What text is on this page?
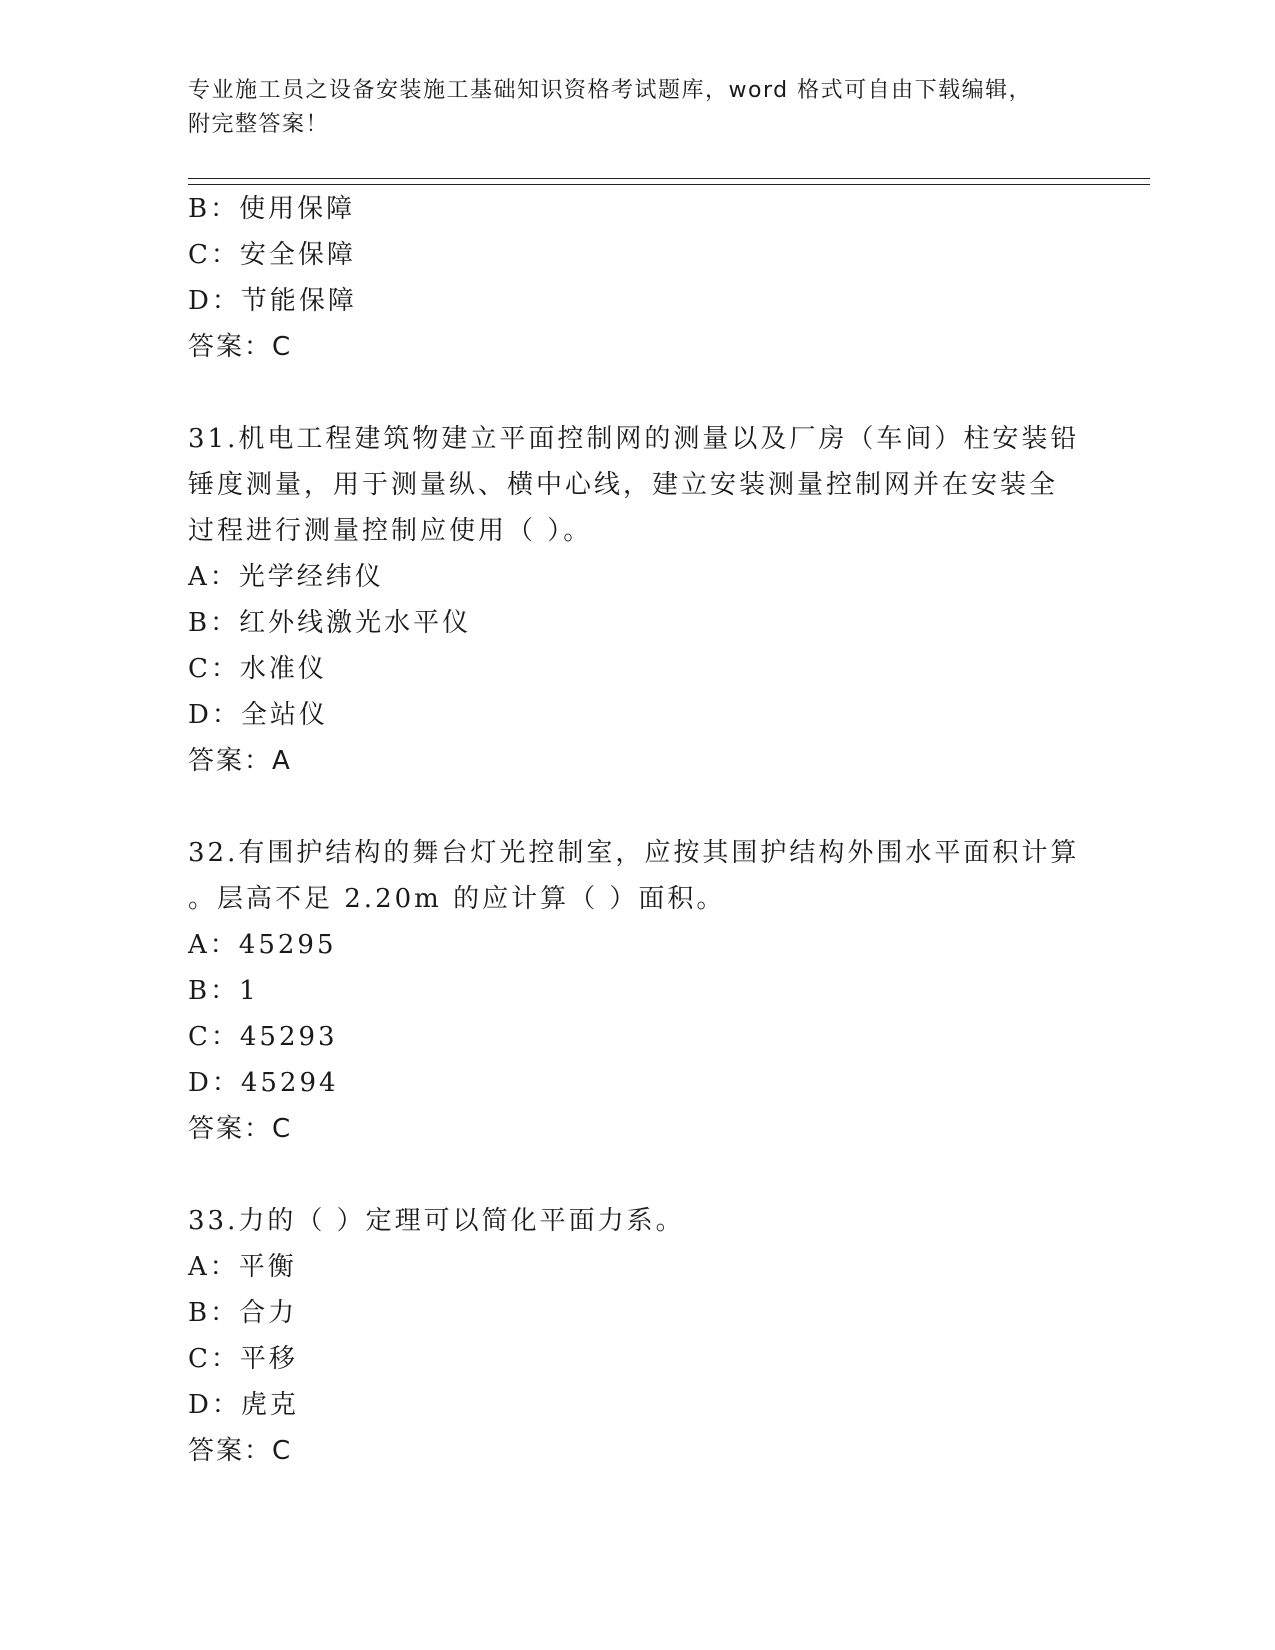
专业施工员之设备安装施工基础知识资格考试题库，word 格式可自由下载编辑，
附完整答案！
B：使用保障
C：安全保障
D：节能保障
答案：C
31.机电工程建筑物建立平面控制网的测量以及厂房（车间）柱安装铅
锤度测量，用于测量纵、横中心线，建立安装测量控制网并在安装全
过程进行测量控制应使用（ ）。
A：光学经纬仪
B：红外线激光水平仪
C：水准仪
D：全站仪
答案：A
32.有围护结构的舞台灯光控制室，应按其围护结构外围水平面积计算
。层高不足 2.20m 的应计算（ ）面积。
A：45295
B：1
C：45293
D：45294
答案：C
33.力的（ ）定理可以简化平面力系。
A：平衡
B：合力
C：平移
D：虎克
答案：C
